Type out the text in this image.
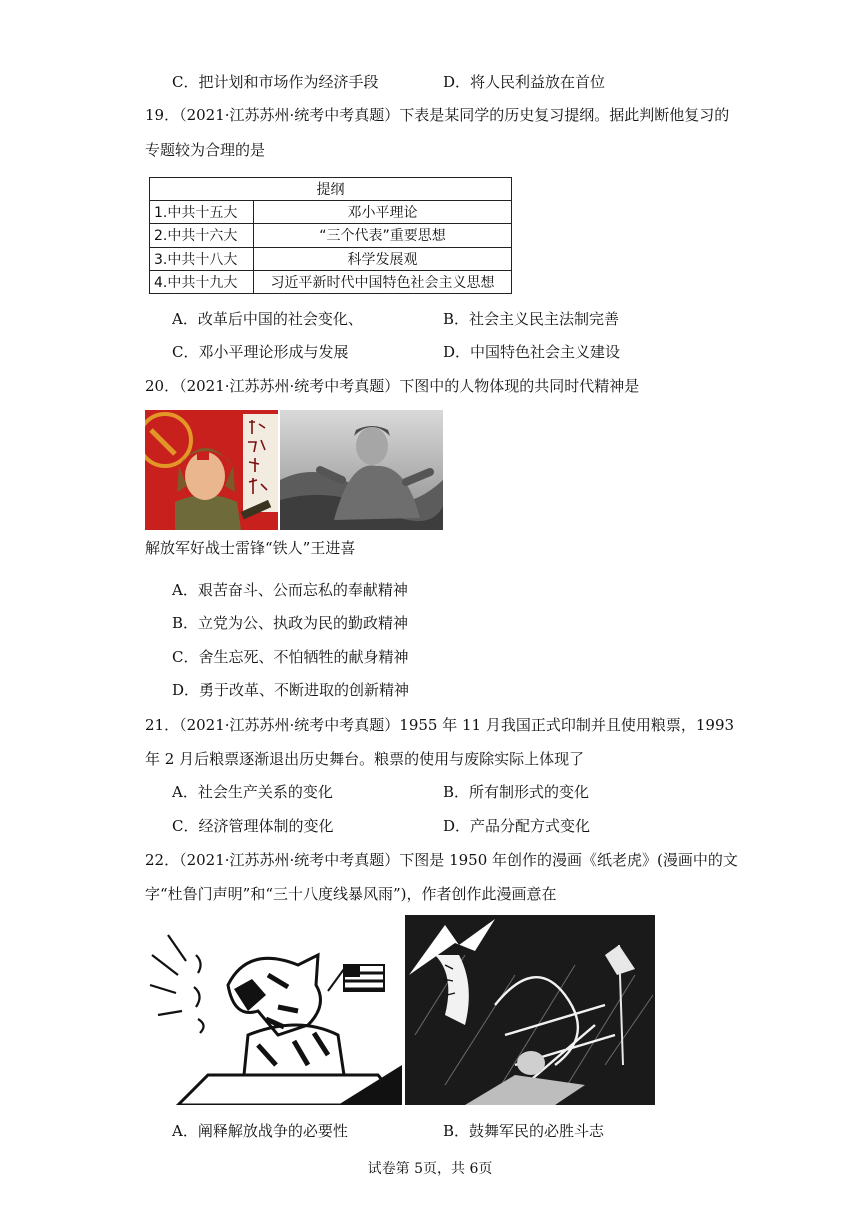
C．把计划和市场作为经济手段	D．将人民利益放在首位
19．（2021·江苏苏州·统考中考真题）下表是某同学的历史复习提纲。据此判断他复习的
专题较为合理的是
提纲	
1.中共十五大	邓小平理论
2.中共十六大	“三个代表”重要思想
3.中共十八大	科学发展观
4.中共十九大	习近平新时代中国特色社会主义思想
A．改革后中国的社会变化、	B．社会主义民主法制完善
C．邓小平理论形成与发展	D．中国特色社会主义建设
20．（2021·江苏苏州·统考中考真题）下图中的人物体现的共同时代精神是
解放军好战士雷锋“铁人”王进喜
A．艰苦奋斗、公而忘私的奉献精神
B．立党为公、执政为民的勤政精神
C．舍生忘死、不怕牺牲的献身精神
D．勇于改革、不断进取的创新精神
21．（2021·江苏苏州·统考中考真题）1955 年 11 月我国正式印制并且使用粮票，1993
年 2 月后粮票逐渐退出历史舞台。粮票的使用与废除实际上体现了
A．社会生产关系的变化	B．所有制形式的变化
C．经济管理体制的变化	D．产品分配方式变化
22．（2021·江苏苏州·统考中考真题）下图是 1950 年创作的漫画《纸老虎》(漫画中的文
字“杜鲁门声明”和“三十八度线暴风雨”)，作者创作此漫画意在
A．阐释解放战争的必要性	B．鼓舞军民的必胜斗志
试卷第 5页，共 6页
